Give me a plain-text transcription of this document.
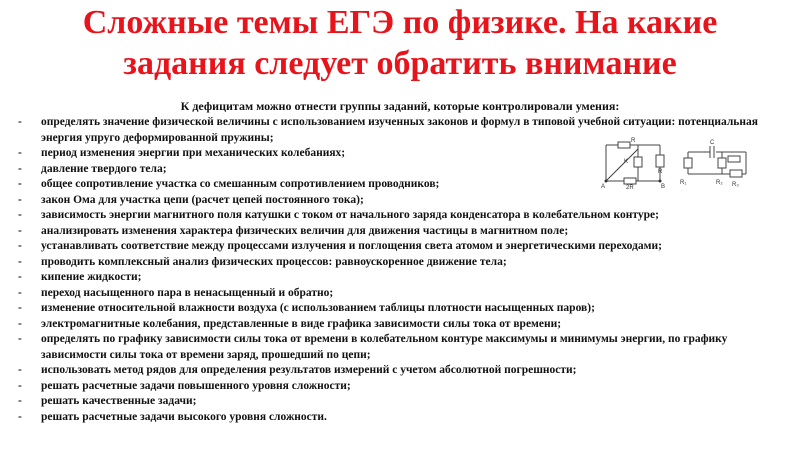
Сложные темы ЕГЭ по физике. На какие
задания следует обратить внимание
К дефицитам можно отнести группы заданий, которые контролировали умения:
- определять значение физической величины с использованием изученных законов и формул в типовой учебной ситуации: потенциальная энергия упруго деформированной пружины;
- период изменения энергии при механических колебаниях;
- давление твердого тела;
- общее сопротивление участка со смешанным сопротивлением проводников;
- закон Ома для участка цепи (расчет цепей постоянного тока);
- зависимость энергии магнитного поля катушки с током от начального заряда конденсатора в колебательном контуре;
- анализировать изменения характера физических величин для движения частицы в магнитном поле;
- устанавливать соответствие между процессами излучения и поглощения света атомом и энергетическими переходами;
- проводить комплексный анализ физических процессов: равноускоренное движение тела;
- кипение жидкости;
- переход насыщенного пара в ненасыщенный и обратно;
- изменение относительной влажности воздуха (с использованием таблицы плотности насыщенных паров);
- электромагнитные колебания, представленные в виде графика зависимости силы тока от времени;
- определять по графику зависимости силы тока от времени в колебательном контуре максимумы и минимумы энергии, по графику зависимости силы тока от времени заряд, прошедший по цепи;
- использовать метод рядов для определения результатов измерений с учетом абсолютной погрешности;
- решать расчетные задачи повышенного уровня сложности;
- решать качественные задачи;
- решать расчетные задачи высокого уровня сложности.
A	B
R
R
2R
K
C
R₁	R₂ R₃
